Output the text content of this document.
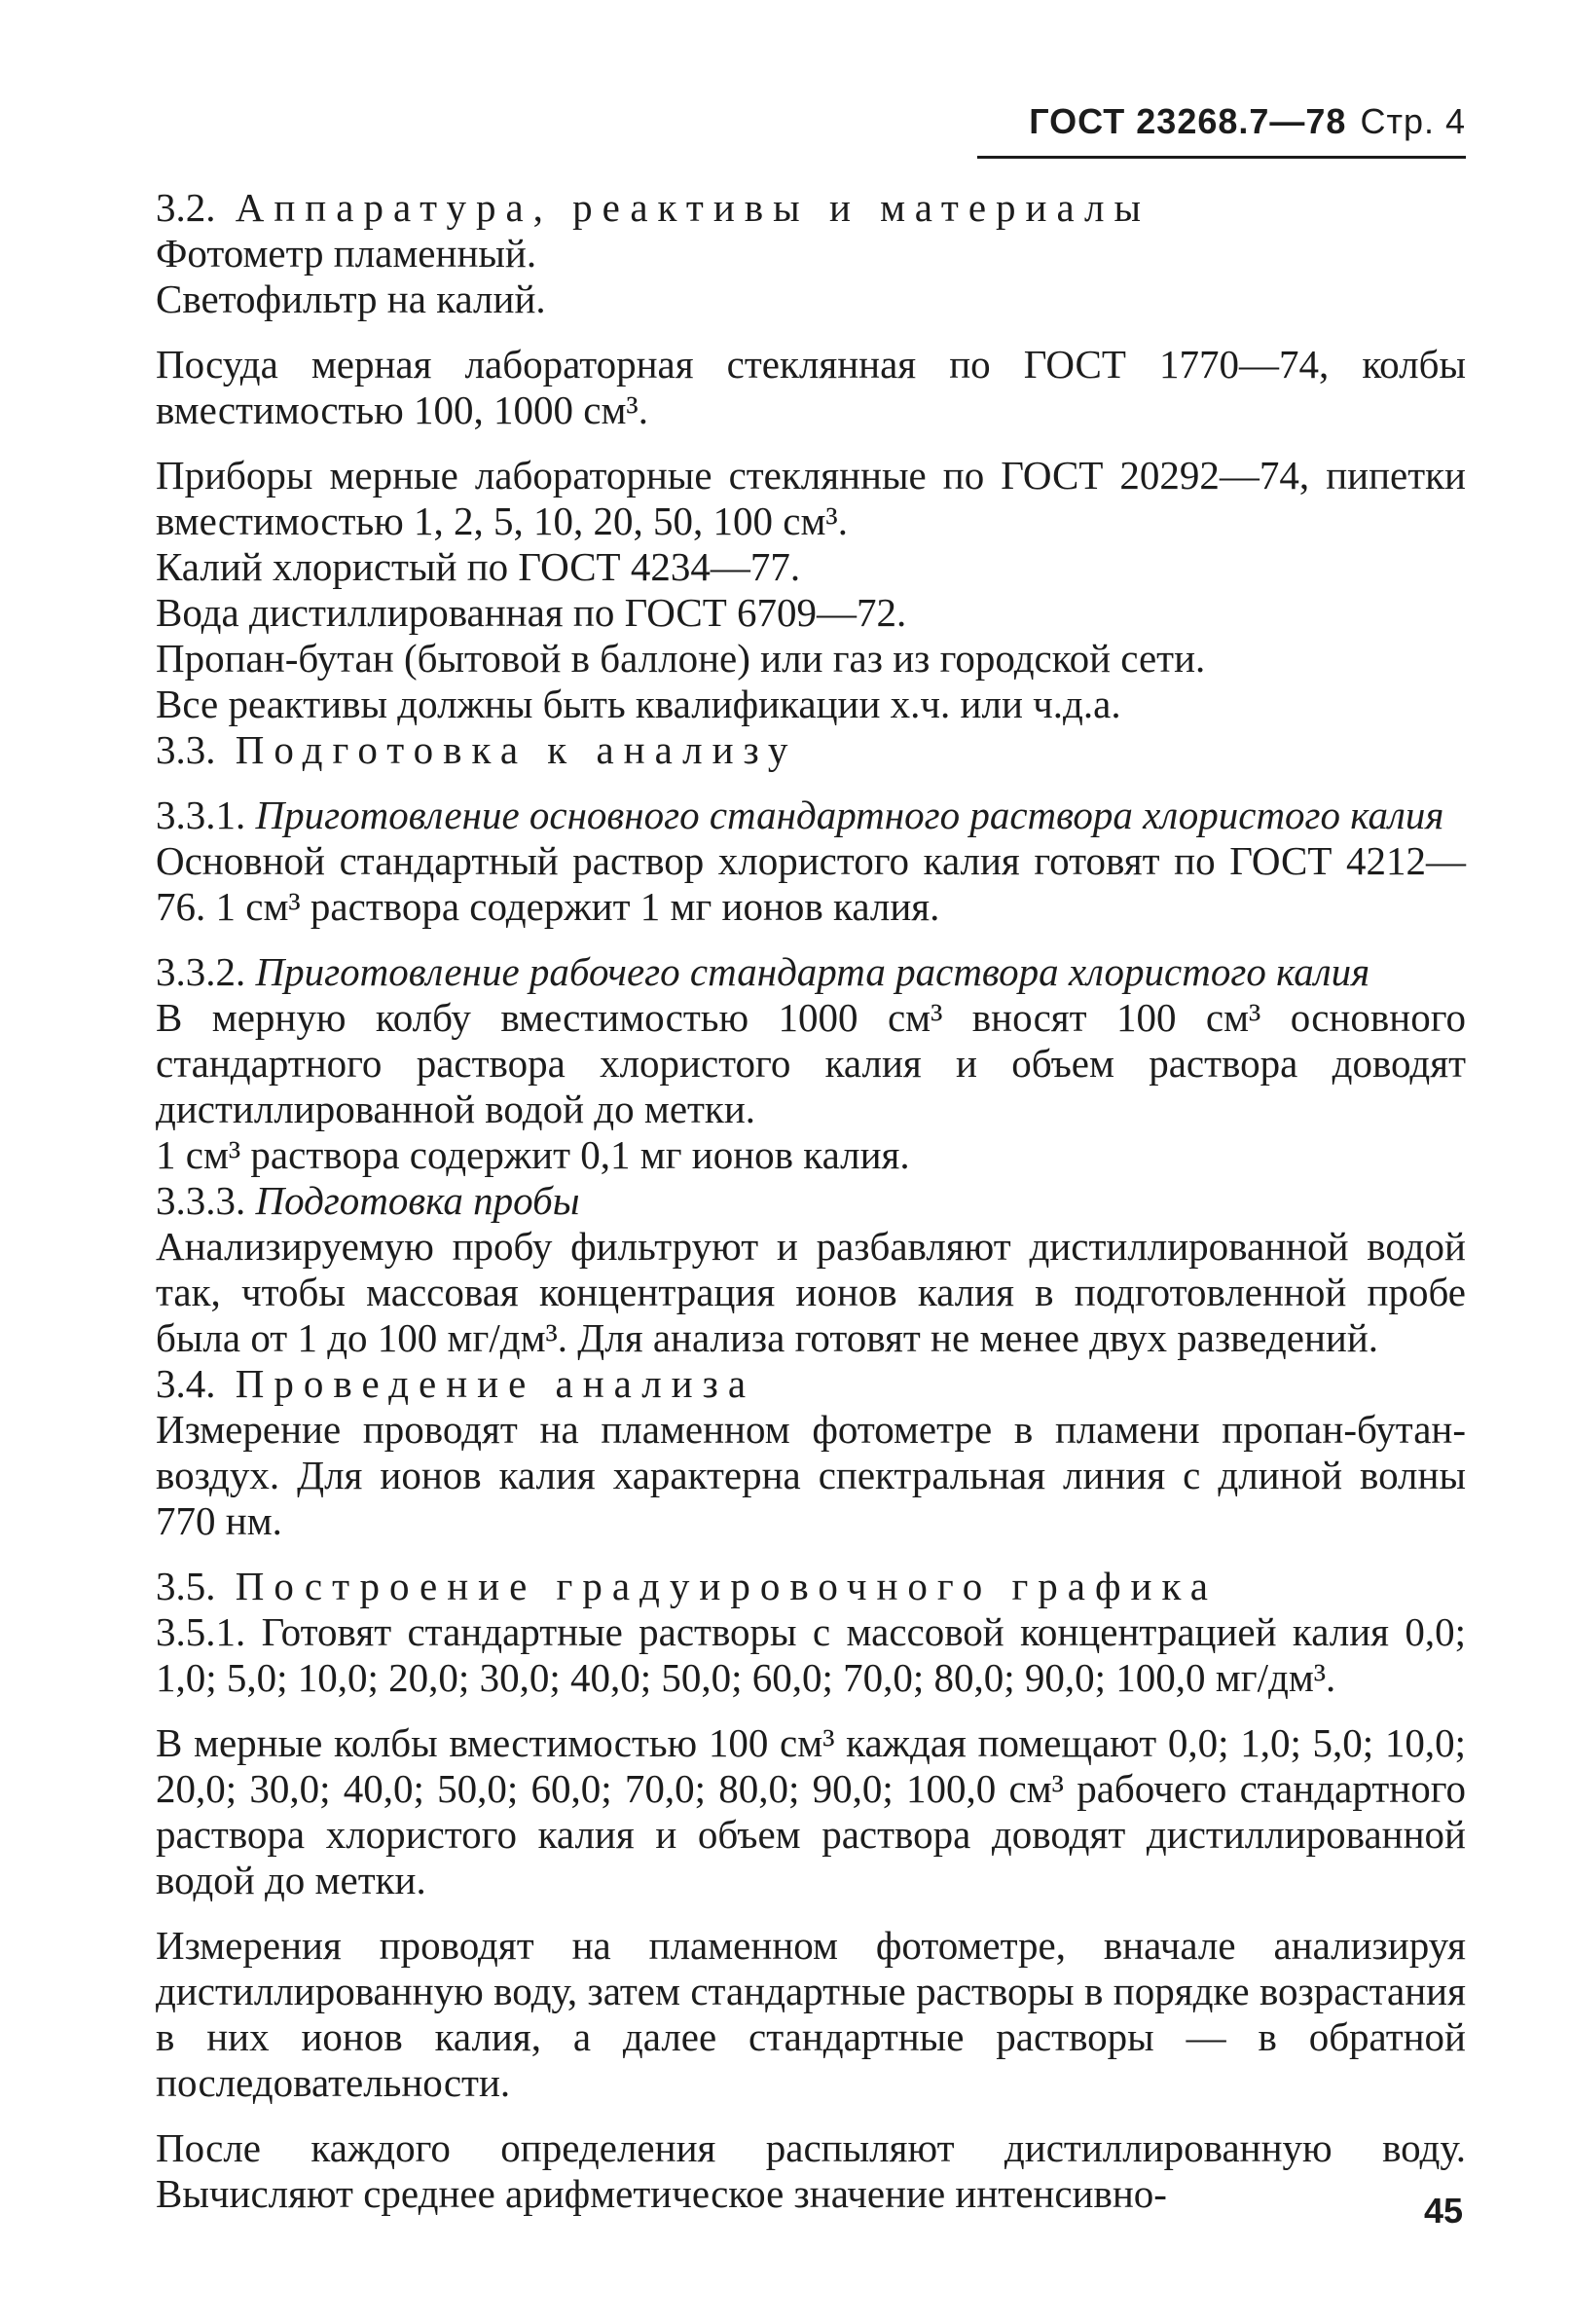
ГОСТ 23268.7—78 Стр. 4
3.2. Аппаратура, реактивы и материалы
Фотометр пламенный.
Светофильтр на калий.
Посуда мерная лабораторная стеклянная по ГОСТ 1770—74, колбы вместимостью 100, 1000 см³.
Приборы мерные лабораторные стеклянные по ГОСТ 20292—74, пипетки вместимостью 1, 2, 5, 10, 20, 50, 100 см³.
Калий хлористый по ГОСТ 4234—77.
Вода дистиллированная по ГОСТ 6709—72.
Пропан-бутан (бытовой в баллоне) или газ из городской сети.
Все реактивы должны быть квалификации х.ч. или ч.д.а.
3.3. Подготовка к анализу
3.3.1. Приготовление основного стандартного раствора хлористого калия
Основной стандартный раствор хлористого калия готовят по ГОСТ 4212—76. 1 см³ раствора содержит 1 мг ионов калия.
3.3.2. Приготовление рабочего стандарта раствора хлористого калия
В мерную колбу вместимостью 1000 см³ вносят 100 см³ основного стандартного раствора хлористого калия и объем раствора доводят дистиллированной водой до метки.
1 см³ раствора содержит 0,1 мг ионов калия.
3.3.3. Подготовка пробы
Анализируемую пробу фильтруют и разбавляют дистиллированной водой так, чтобы массовая концентрация ионов калия в подготовленной пробе была от 1 до 100 мг/дм³. Для анализа готовят не менее двух разведений.
3.4. Проведение анализа
Измерение проводят на пламенном фотометре в пламени пропан-бутан-воздух. Для ионов калия характерна спектральная линия с длиной волны 770 нм.
3.5. Построение градуировочного графика
3.5.1. Готовят стандартные растворы с массовой концентрацией калия 0,0; 1,0; 5,0; 10,0; 20,0; 30,0; 40,0; 50,0; 60,0; 70,0; 80,0; 90,0; 100,0 мг/дм³.
В мерные колбы вместимостью 100 см³ каждая помещают 0,0; 1,0; 5,0; 10,0; 20,0; 30,0; 40,0; 50,0; 60,0; 70,0; 80,0; 90,0; 100,0 см³ рабочего стандартного раствора хлористого калия и объем раствора доводят дистиллированной водой до метки.
Измерения проводят на пламенном фотометре, вначале анализируя дистиллированную воду, затем стандартные растворы в порядке возрастания в них ионов калия, а далее стандартные растворы — в обратной последовательности.
После каждого определения распыляют дистиллированную воду. Вычисляют среднее арифметическое значение интенсивно-	45
